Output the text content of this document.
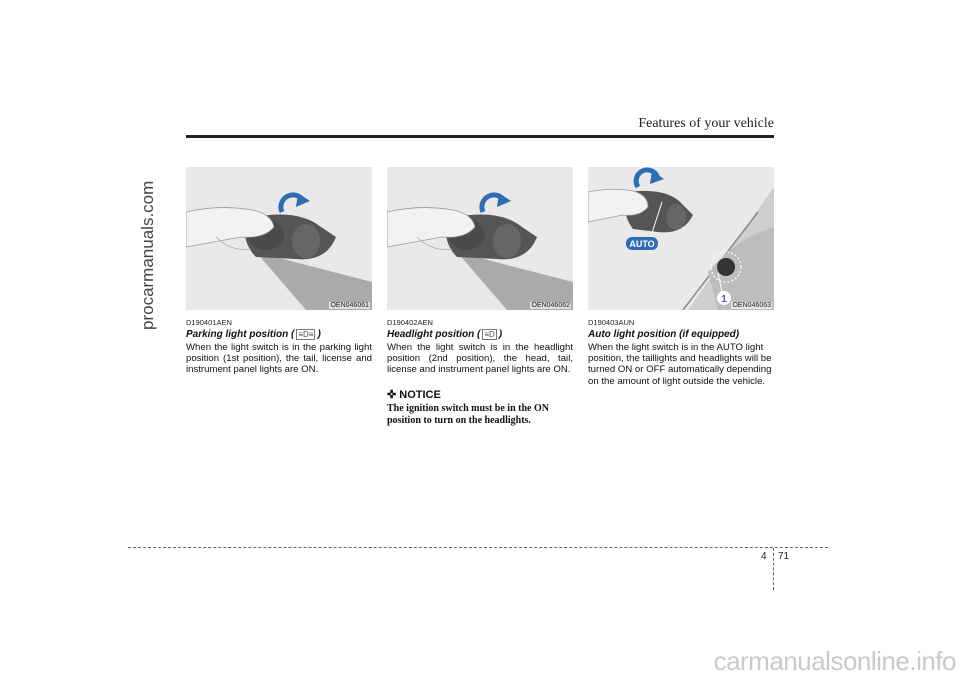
procarmanuals.com
Features of your vehicle
OEN046061
D190401AEN
Parking light position ( ≡D≡ )
When the light switch is in the parking light position (1st position), the tail, license and instrument panel lights are ON.
OEN046062
D190402AEN
Headlight position ( ≡D )
When the light switch is in the headlight position (2nd position), the head, tail, license and instrument panel lights are ON.
✜ NOTICE
The ignition switch must be in the ON position to turn on the headlights.
AUTO
1
OEN046063
D190403AUN
Auto light position (if equipped)
When the light switch is in the AUTO light position, the taillights and headlights will be turned ON or OFF automatically depending on the amount of light outside the vehicle.
4 71
carmanualsonline.info
